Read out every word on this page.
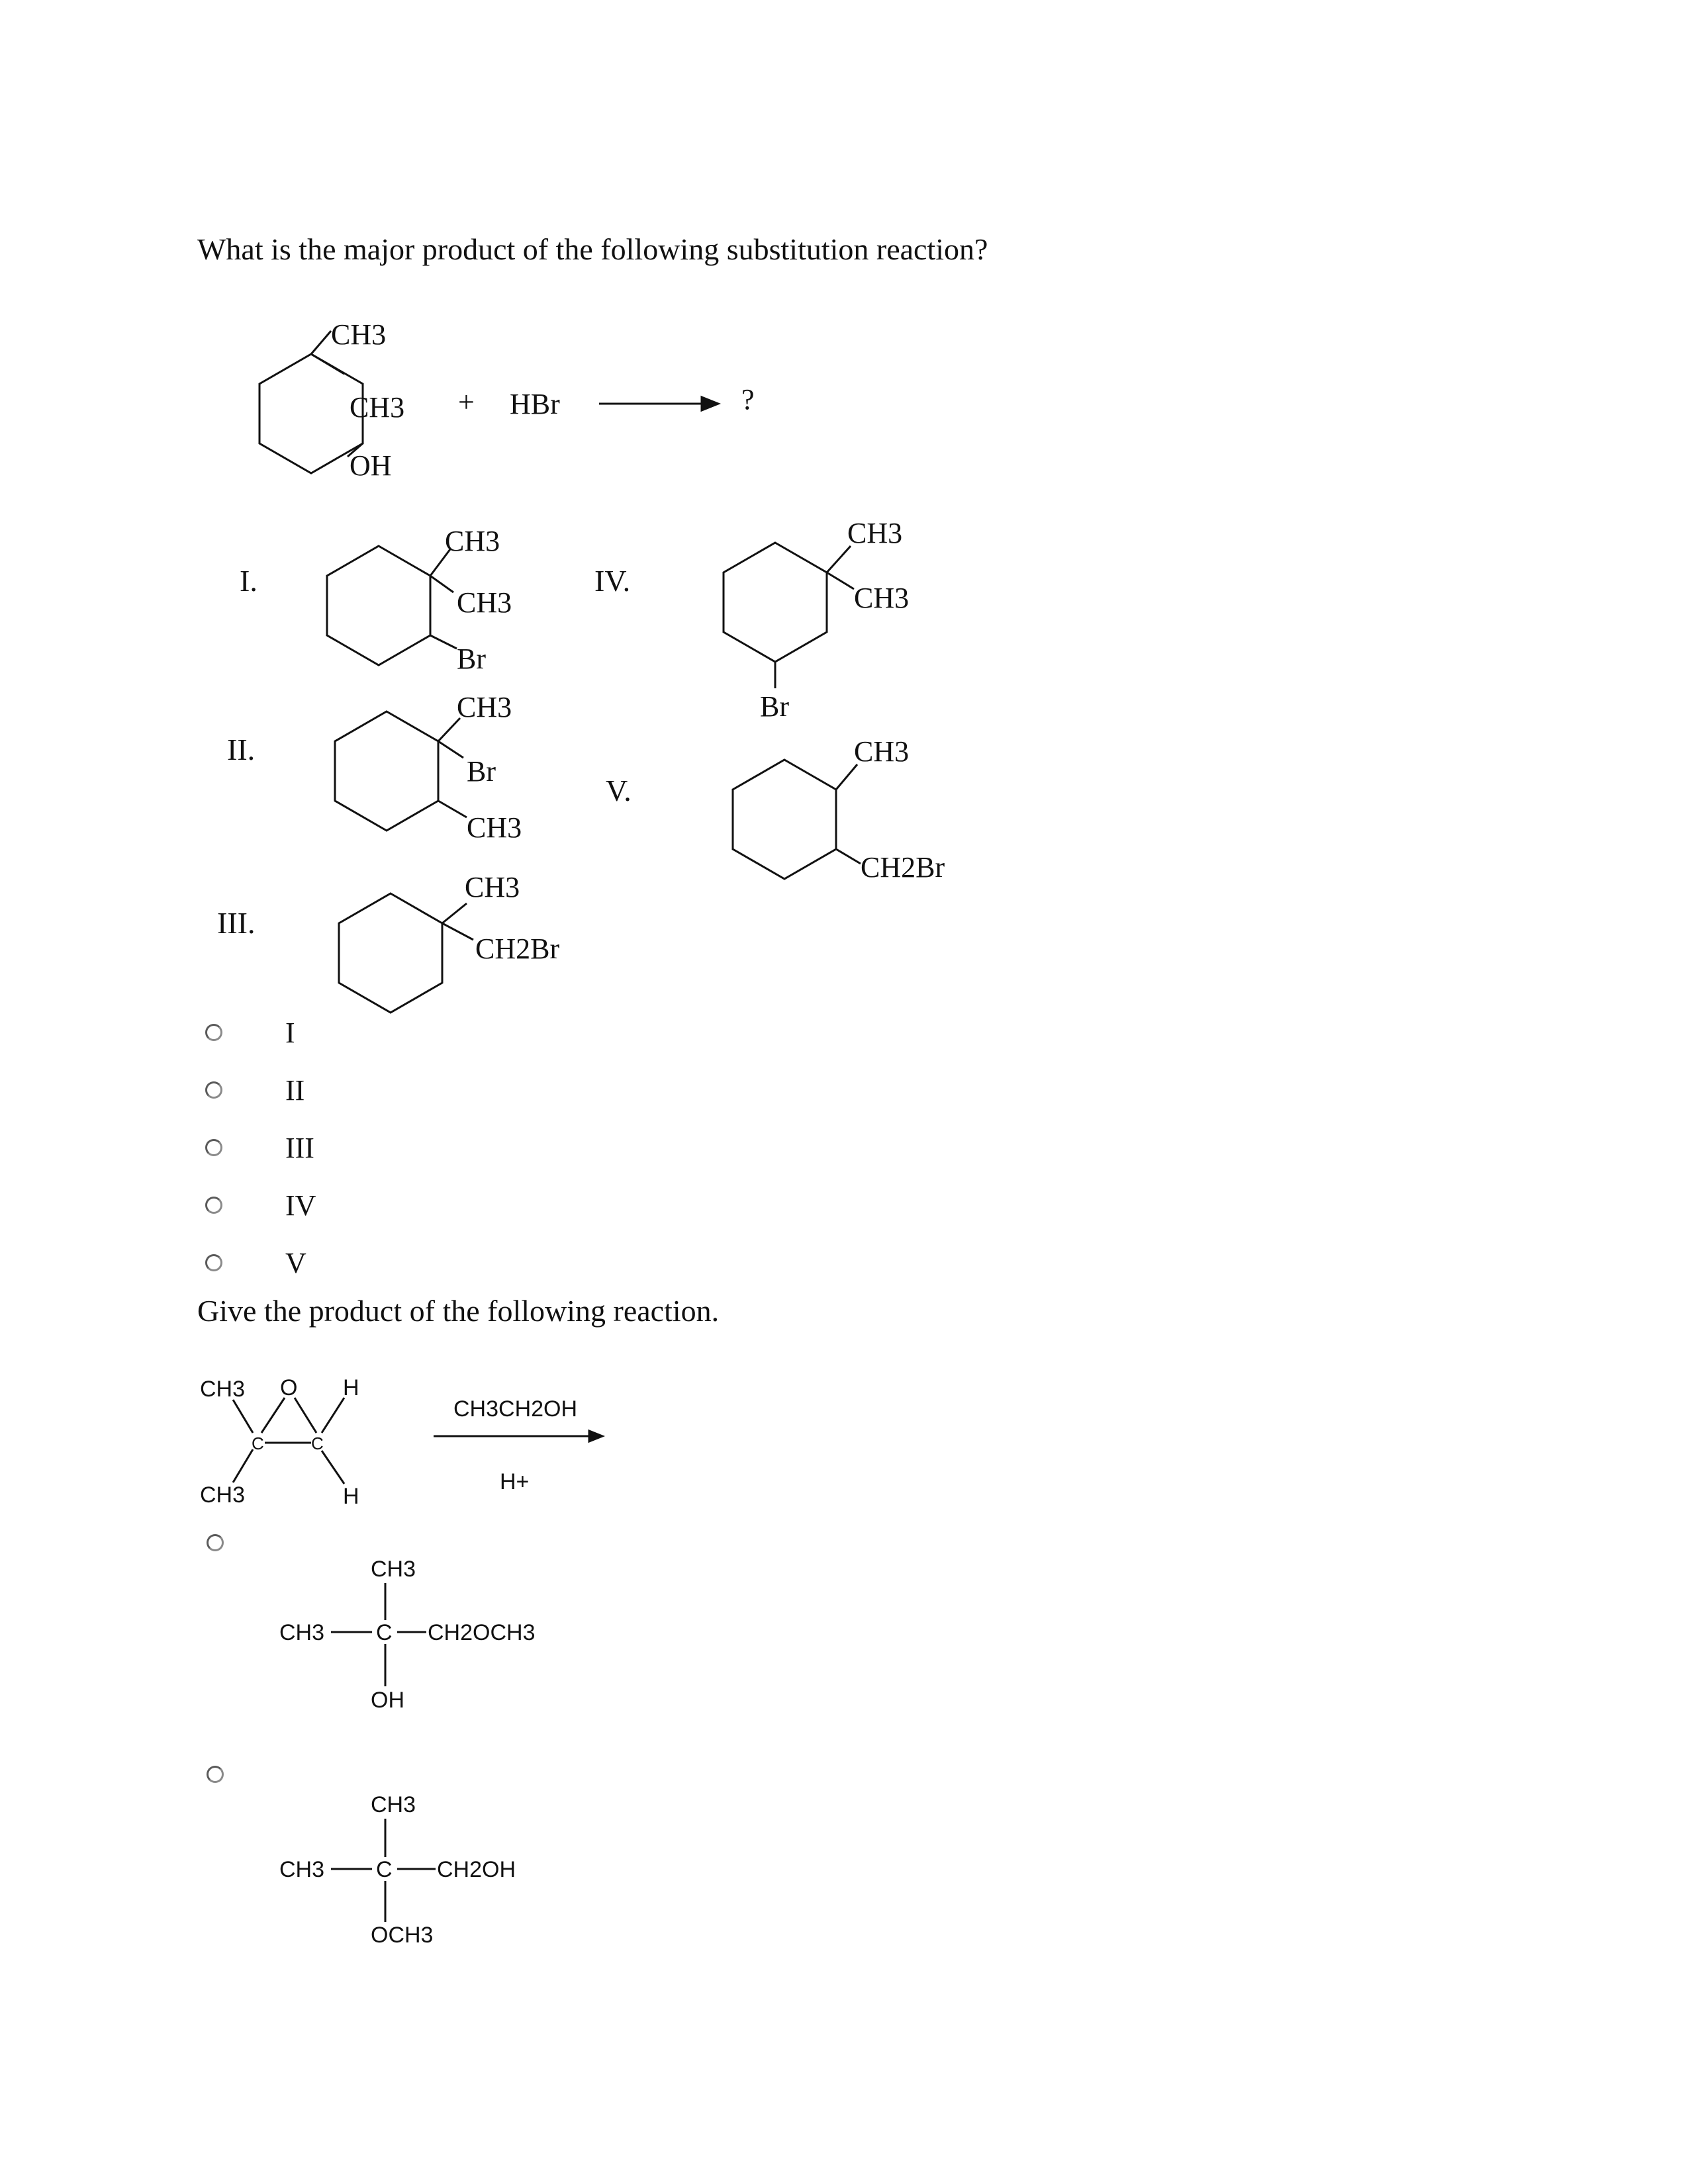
What is the major product of the following substitution reaction?
CH3
CH3
OH
+ HBr	?
I.
CH3
CH3
Br
II.
CH3
Br
CH3
III.
CH3
CH2Br
IV.
CH3
CH3
Br
V.
CH3
CH2Br
CH3
CH3
O H
H
C	C
CH3CH2OH
H+
CH3
CH3 C CH2OCH3
OH
CH3
CH3 C CH2OH
OCH3
I
II
III
IV
V
Give the product of the following reaction.
